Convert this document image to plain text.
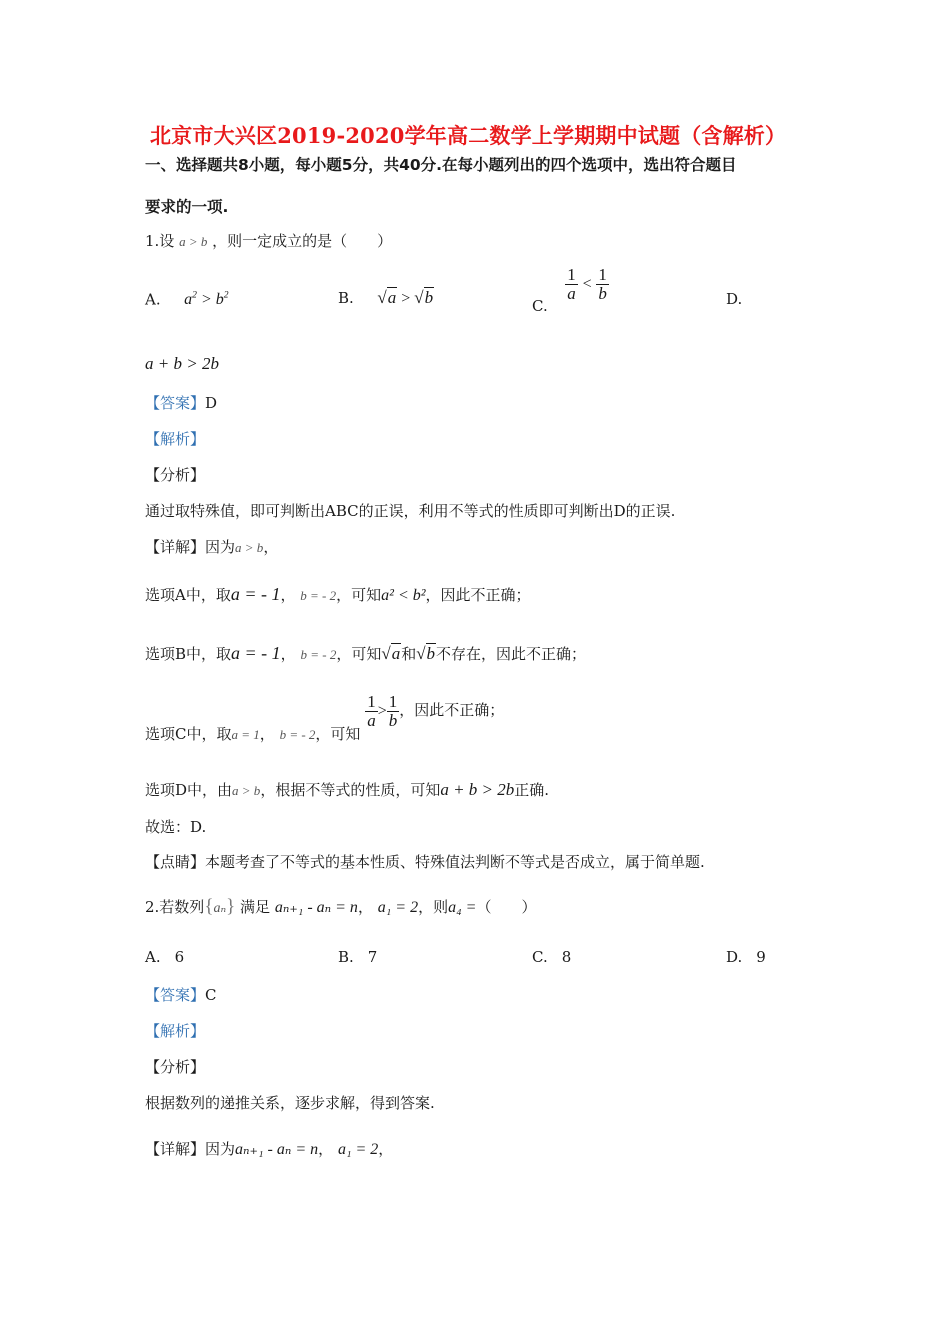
北京市大兴区2019-2020学年高二数学上学期期中试题（含解析）
一、选择题共8小题，每小题5分，共40分.在每小题列出的四个选项中，选出符合题目
要求的一项.
1.设 a > b ，则一定成立的是（　　）
A. $a^2 > b^2$	B. √a > √b	C.
$\frac{1}{a} < \frac{1}{b}$	D.
a + b > 2b
【答案】D
【解析】
【分析】
通过取特殊值，即可判断出ABC的正误，利用不等式的性质即可判断出D的正误.
【详解】因为a > b，
选项A中，取a = - 1， b = - 2，可知a² < b²，因此不正确；
选项B中，取a = - 1， b = - 2，可知√a和√b不存在，因此不正确；
选项C中，取a = 1， b = - 2，可知
$\frac{1}{a} > \frac{1}{b}$ ，因此不正确；
选项D中，由a > b，根据不等式的性质，可知a + b > 2b正确.
故选：D.
【点睛】本题考查了不等式的基本性质、特殊值法判断不等式是否成立，属于简单题.
2.若数列{aₙ} 满足 aₙ₊₁ - aₙ = n， a₁ = 2，则a₄ =（　　）
A. 6	B. 7	C. 8	D. 9
【答案】C
【解析】
【分析】
根据数列的递推关系，逐步求解，得到答案.
【详解】因为aₙ₊₁ - aₙ = n， a₁ = 2，
